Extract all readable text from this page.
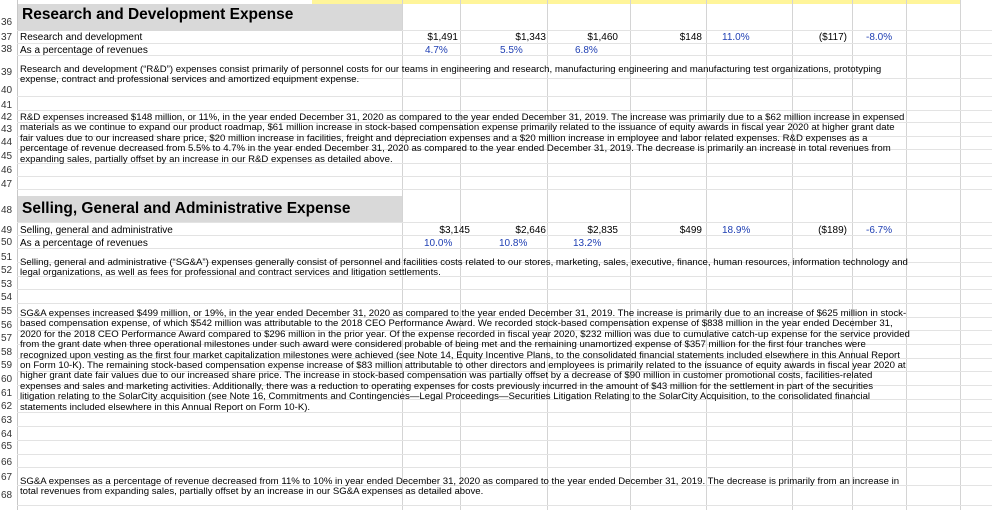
36
37
38
39
40
41
42
43
44
45
46
47
48
49
50
51
52
53
54
55
56
57
58
59
60
61
62
63
64
65
66
67
68
Research and Development Expense
Research and development	$1,491	$1,343	$1,460	$148 11.0%	($117) -8.0%
As a percentage of revenues	4.7%	5.5%	6.8%
Research and development (“R&D”) expenses consist primarily of personnel costs for our teams in engineering and research, manufacturing engineering and manufacturing test organizations, prototyping expense, contract and professional services and amortized equipment expense.
R&D expenses increased $148 million, or 11%, in the year ended December 31, 2020 as compared to the year ended December 31, 2019. The increase was primarily due to a $62 million increase in expensed materials as we continue to expand our product roadmap, $61 million increase in stock-based compensation expense primarily related to the issuance of equity awards in fiscal year 2020 at higher grant date fair values due to our increased share price, $20 million increase in facilities, freight and depreciation expenses and a $20 million increase in employee and labor related expenses. R&D expenses as a percentage of revenue decreased from 5.5% to 4.7% in the year ended December 31, 2020 as compared to the year ended December 31, 2019. The decrease is primarily an increase in total revenues from expanding sales, partially offset by an increase in our R&D expenses as detailed above.
Selling, General and Administrative Expense
Selling, general and administrative	$3,145	$2,646	$2,835	$499 18.9%	($189) -6.7%
As a percentage of revenues	10.0%	10.8%	13.2%
Selling, general and administrative (“SG&A”) expenses generally consist of personnel and facilities costs related to our stores, marketing, sales, executive, finance, human resources, information technology and legal organizations, as well as fees for professional and contract services and litigation settlements.
SG&A expenses increased $499 million, or 19%, in the year ended December 31, 2020 as compared to the year ended December 31, 2019. The increase is primarily due to an increase of $625 million in stock-based compensation expense, of which $542 million was attributable to the 2018 CEO Performance Award. We recorded stock-based compensation expense of $838 million in the year ended December 31, 2020 for the 2018 CEO Performance Award compared to $296 million in the prior year. Of the expense recorded in fiscal year 2020, $232 million was due to cumulative catch-up expense for the service provided from the grant date when three operational milestones under such award were considered probable of being met and the remaining unamortized expense of $357 million for the first four tranches were recognized upon vesting as the first four market capitalization milestones were achieved (see Note 14, Equity Incentive Plans, to the consolidated financial statements included elsewhere in this Annual Report on Form 10-K). The remaining stock-based compensation expense increase of $83 million attributable to other directors and employees is primarily related to the issuance of equity awards in fiscal year 2020 at higher grant date fair values due to our increased share price. The increase in stock-based compensation was partially offset by a decrease of $90 million in customer promotional costs, facilities-related expenses and sales and marketing activities. Additionally, there was a reduction to operating expenses for costs previously incurred in the amount of $43 million for the settlement in part of the securities litigation relating to the SolarCity acquisition (see Note 16, Commitments and Contingencies—Legal Proceedings—Securities Litigation Relating to the SolarCity Acquisition, to the consolidated financial statements included elsewhere in this Annual Report on Form 10-K).
SG&A expenses as a percentage of revenue decreased from 11% to 10% in year ended December 31, 2020 as compared to the year ended December 31, 2019. The decrease is primarily from an increase in total revenues from expanding sales, partially offset by an increase in our SG&A expenses as detailed above.
